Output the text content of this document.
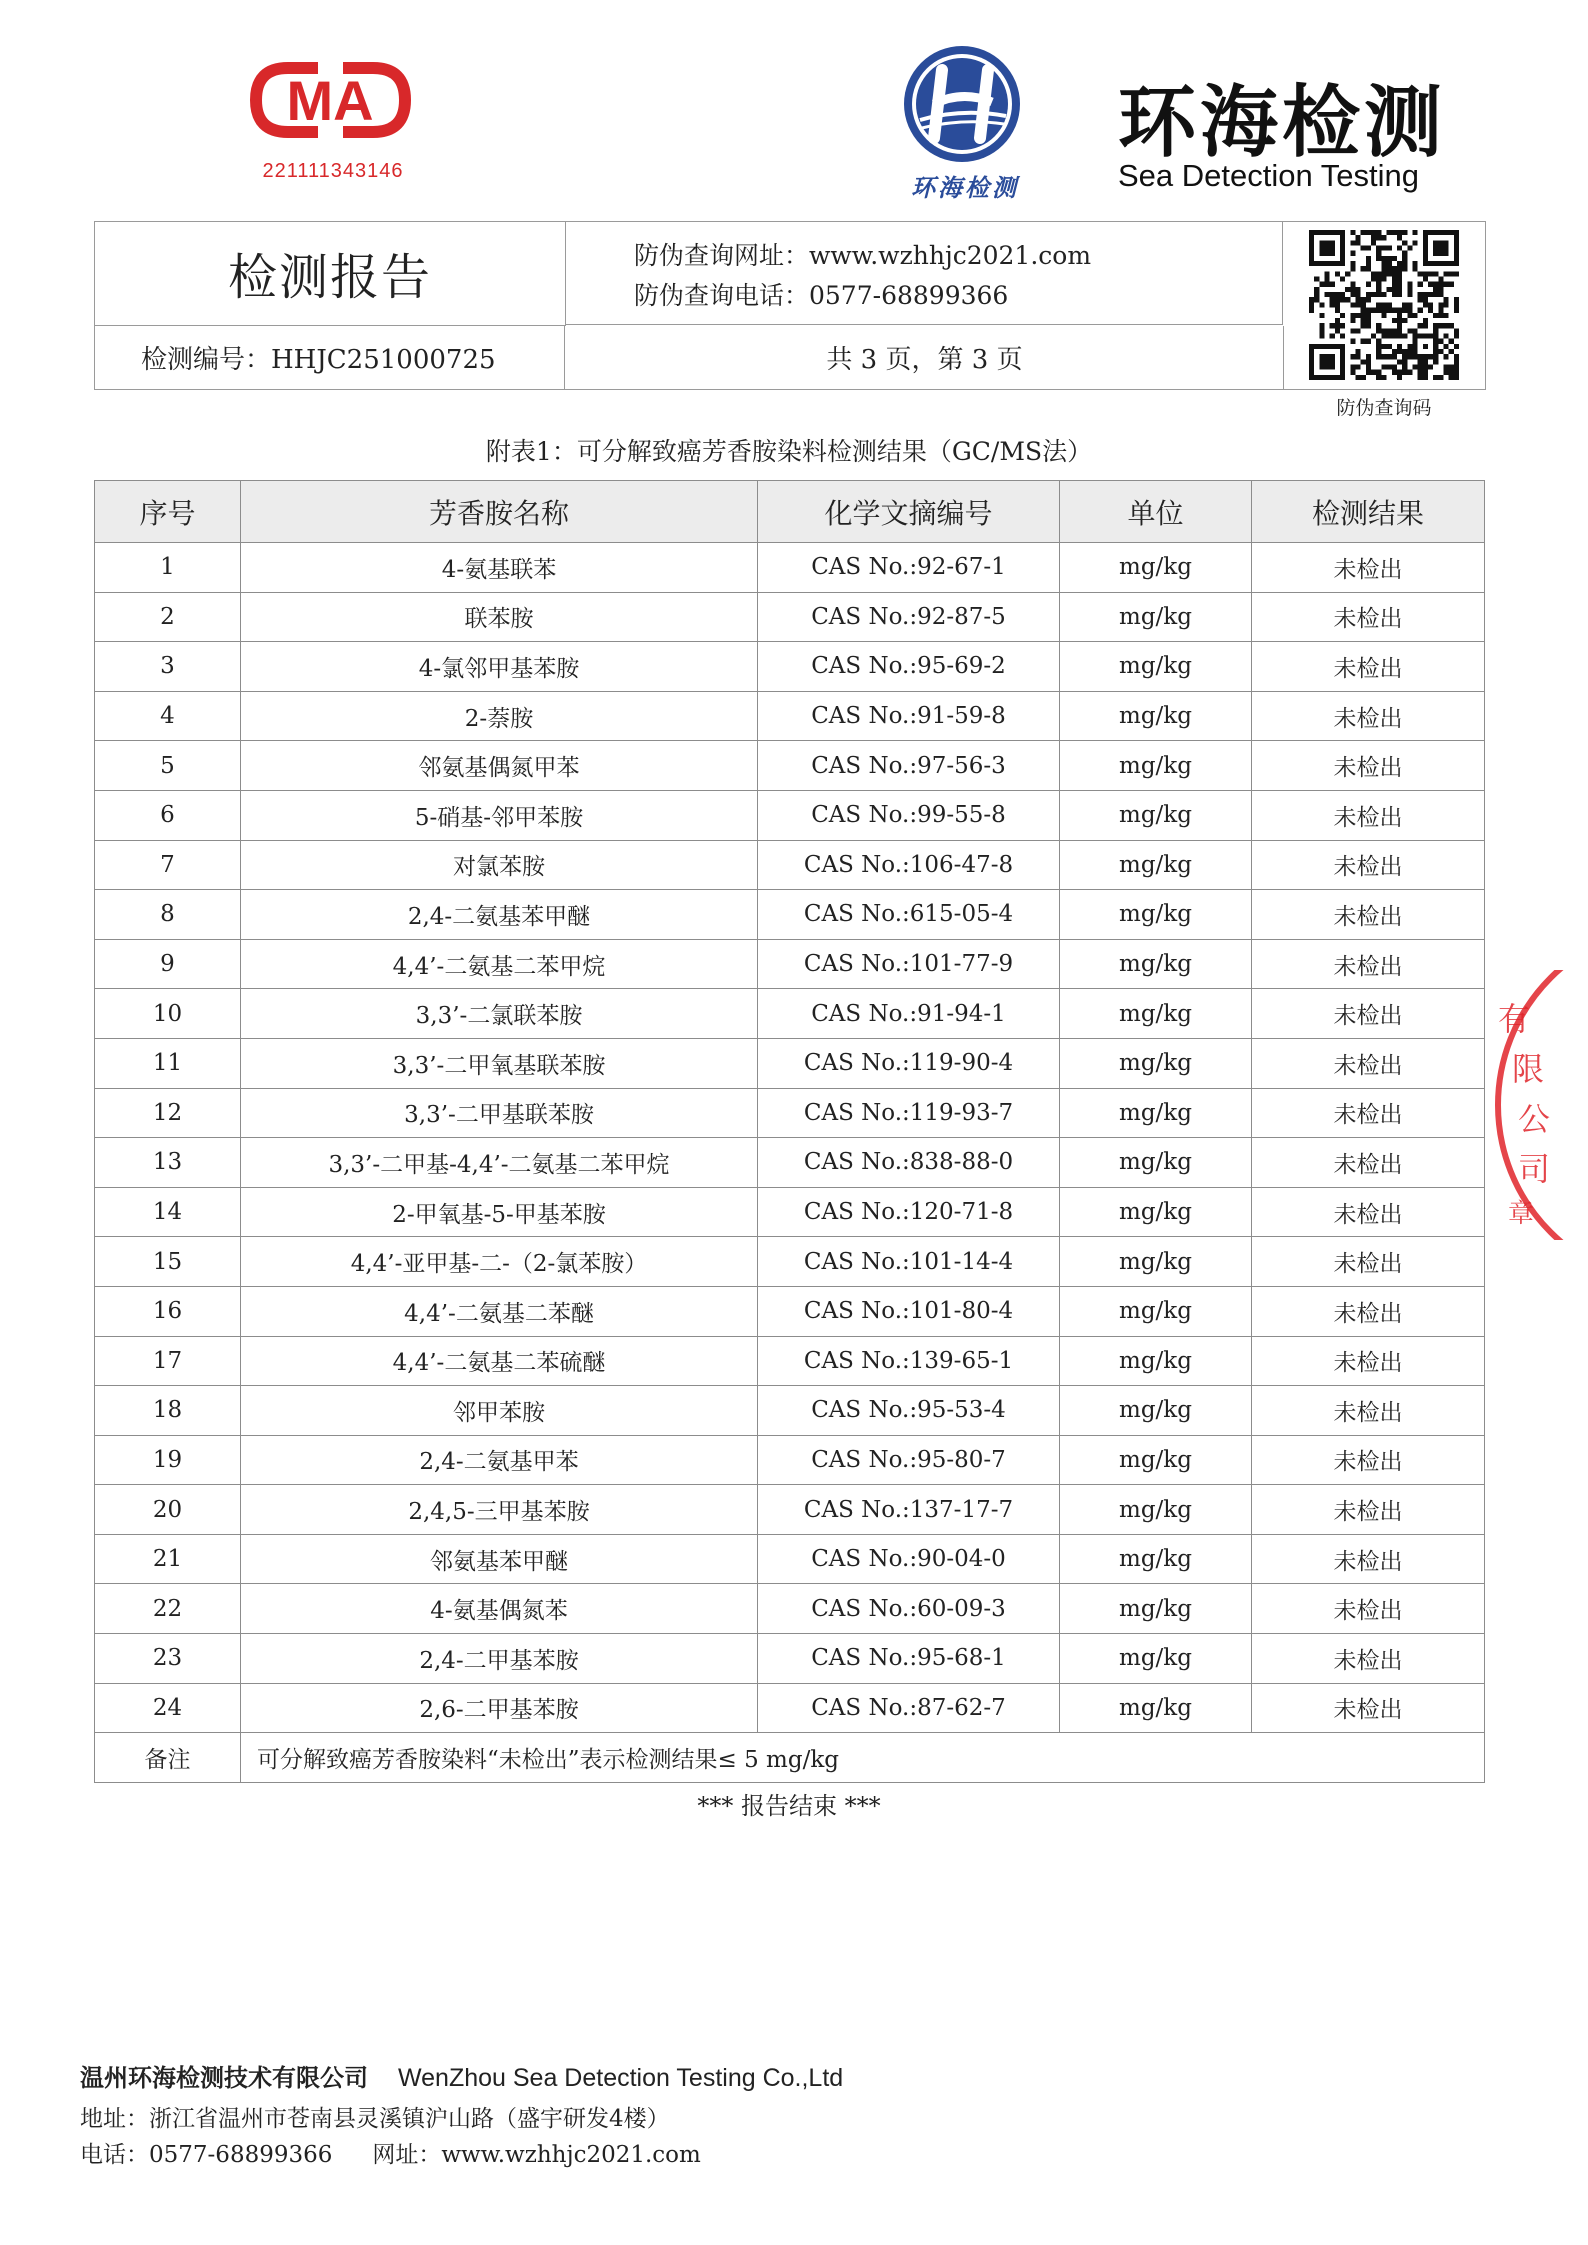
MA
221111343146
环海检测
环海检测
Sea Detection Testing
检测报告	防伪查询网址：www.wzhhjc2021.com
防伪查询电话：0577-68899366
检测编号：HHJC251000725	共 3 页，第 3 页
防伪查询码
附表1：可分解致癌芳香胺染料检测结果（GC/MS法）
序号	芳香胺名称	化学文摘编号	单位	检测结果
1	4-氨基联苯	CAS No.:92-67-1	mg/kg	未检出
2	联苯胺	CAS No.:92-87-5	mg/kg	未检出
3	4-氯邻甲基苯胺	CAS No.:95-69-2	mg/kg	未检出
4	2-萘胺	CAS No.:91-59-8	mg/kg	未检出
5	邻氨基偶氮甲苯	CAS No.:97-56-3	mg/kg	未检出
6	5-硝基-邻甲苯胺	CAS No.:99-55-8	mg/kg	未检出
7	对氯苯胺	CAS No.:106-47-8	mg/kg	未检出
8	2,4-二氨基苯甲醚	CAS No.:615-05-4	mg/kg	未检出
9	4,4’-二氨基二苯甲烷	CAS No.:101-77-9	mg/kg	未检出
10	3,3’-二氯联苯胺	CAS No.:91-94-1	mg/kg	未检出
11	3,3’-二甲氧基联苯胺	CAS No.:119-90-4	mg/kg	未检出
12	3,3’-二甲基联苯胺	CAS No.:119-93-7	mg/kg	未检出
13	3,3’-二甲基-4,4’-二氨基二苯甲烷	CAS No.:838-88-0	mg/kg	未检出
14	2-甲氧基-5-甲基苯胺	CAS No.:120-71-8	mg/kg	未检出
15	4,4’-亚甲基-二-（2-氯苯胺）	CAS No.:101-14-4	mg/kg	未检出
16	4,4’-二氨基二苯醚	CAS No.:101-80-4	mg/kg	未检出
17	4,4’-二氨基二苯硫醚	CAS No.:139-65-1	mg/kg	未检出
18	邻甲苯胺	CAS No.:95-53-4	mg/kg	未检出
19	2,4-二氨基甲苯	CAS No.:95-80-7	mg/kg	未检出
20	2,4,5-三甲基苯胺	CAS No.:137-17-7	mg/kg	未检出
21	邻氨基苯甲醚	CAS No.:90-04-0	mg/kg	未检出
22	4-氨基偶氮苯	CAS No.:60-09-3	mg/kg	未检出
23	2,4-二甲基苯胺	CAS No.:95-68-1	mg/kg	未检出
24	2,6-二甲基苯胺	CAS No.:87-62-7	mg/kg	未检出
备注	可分解致癌芳香胺染料“未检出”表示检测结果≤ 5 mg/kg			
有
限
公
司
章
*** 报告结束 ***
温州环海检测技术有限公司 WenZhou Sea Detection Testing Co.,Ltd
地址：浙江省温州市苍南县灵溪镇沪山路（盛宇研发4楼）
电话：0577-68899366 网址：www.wzhhjc2021.com
